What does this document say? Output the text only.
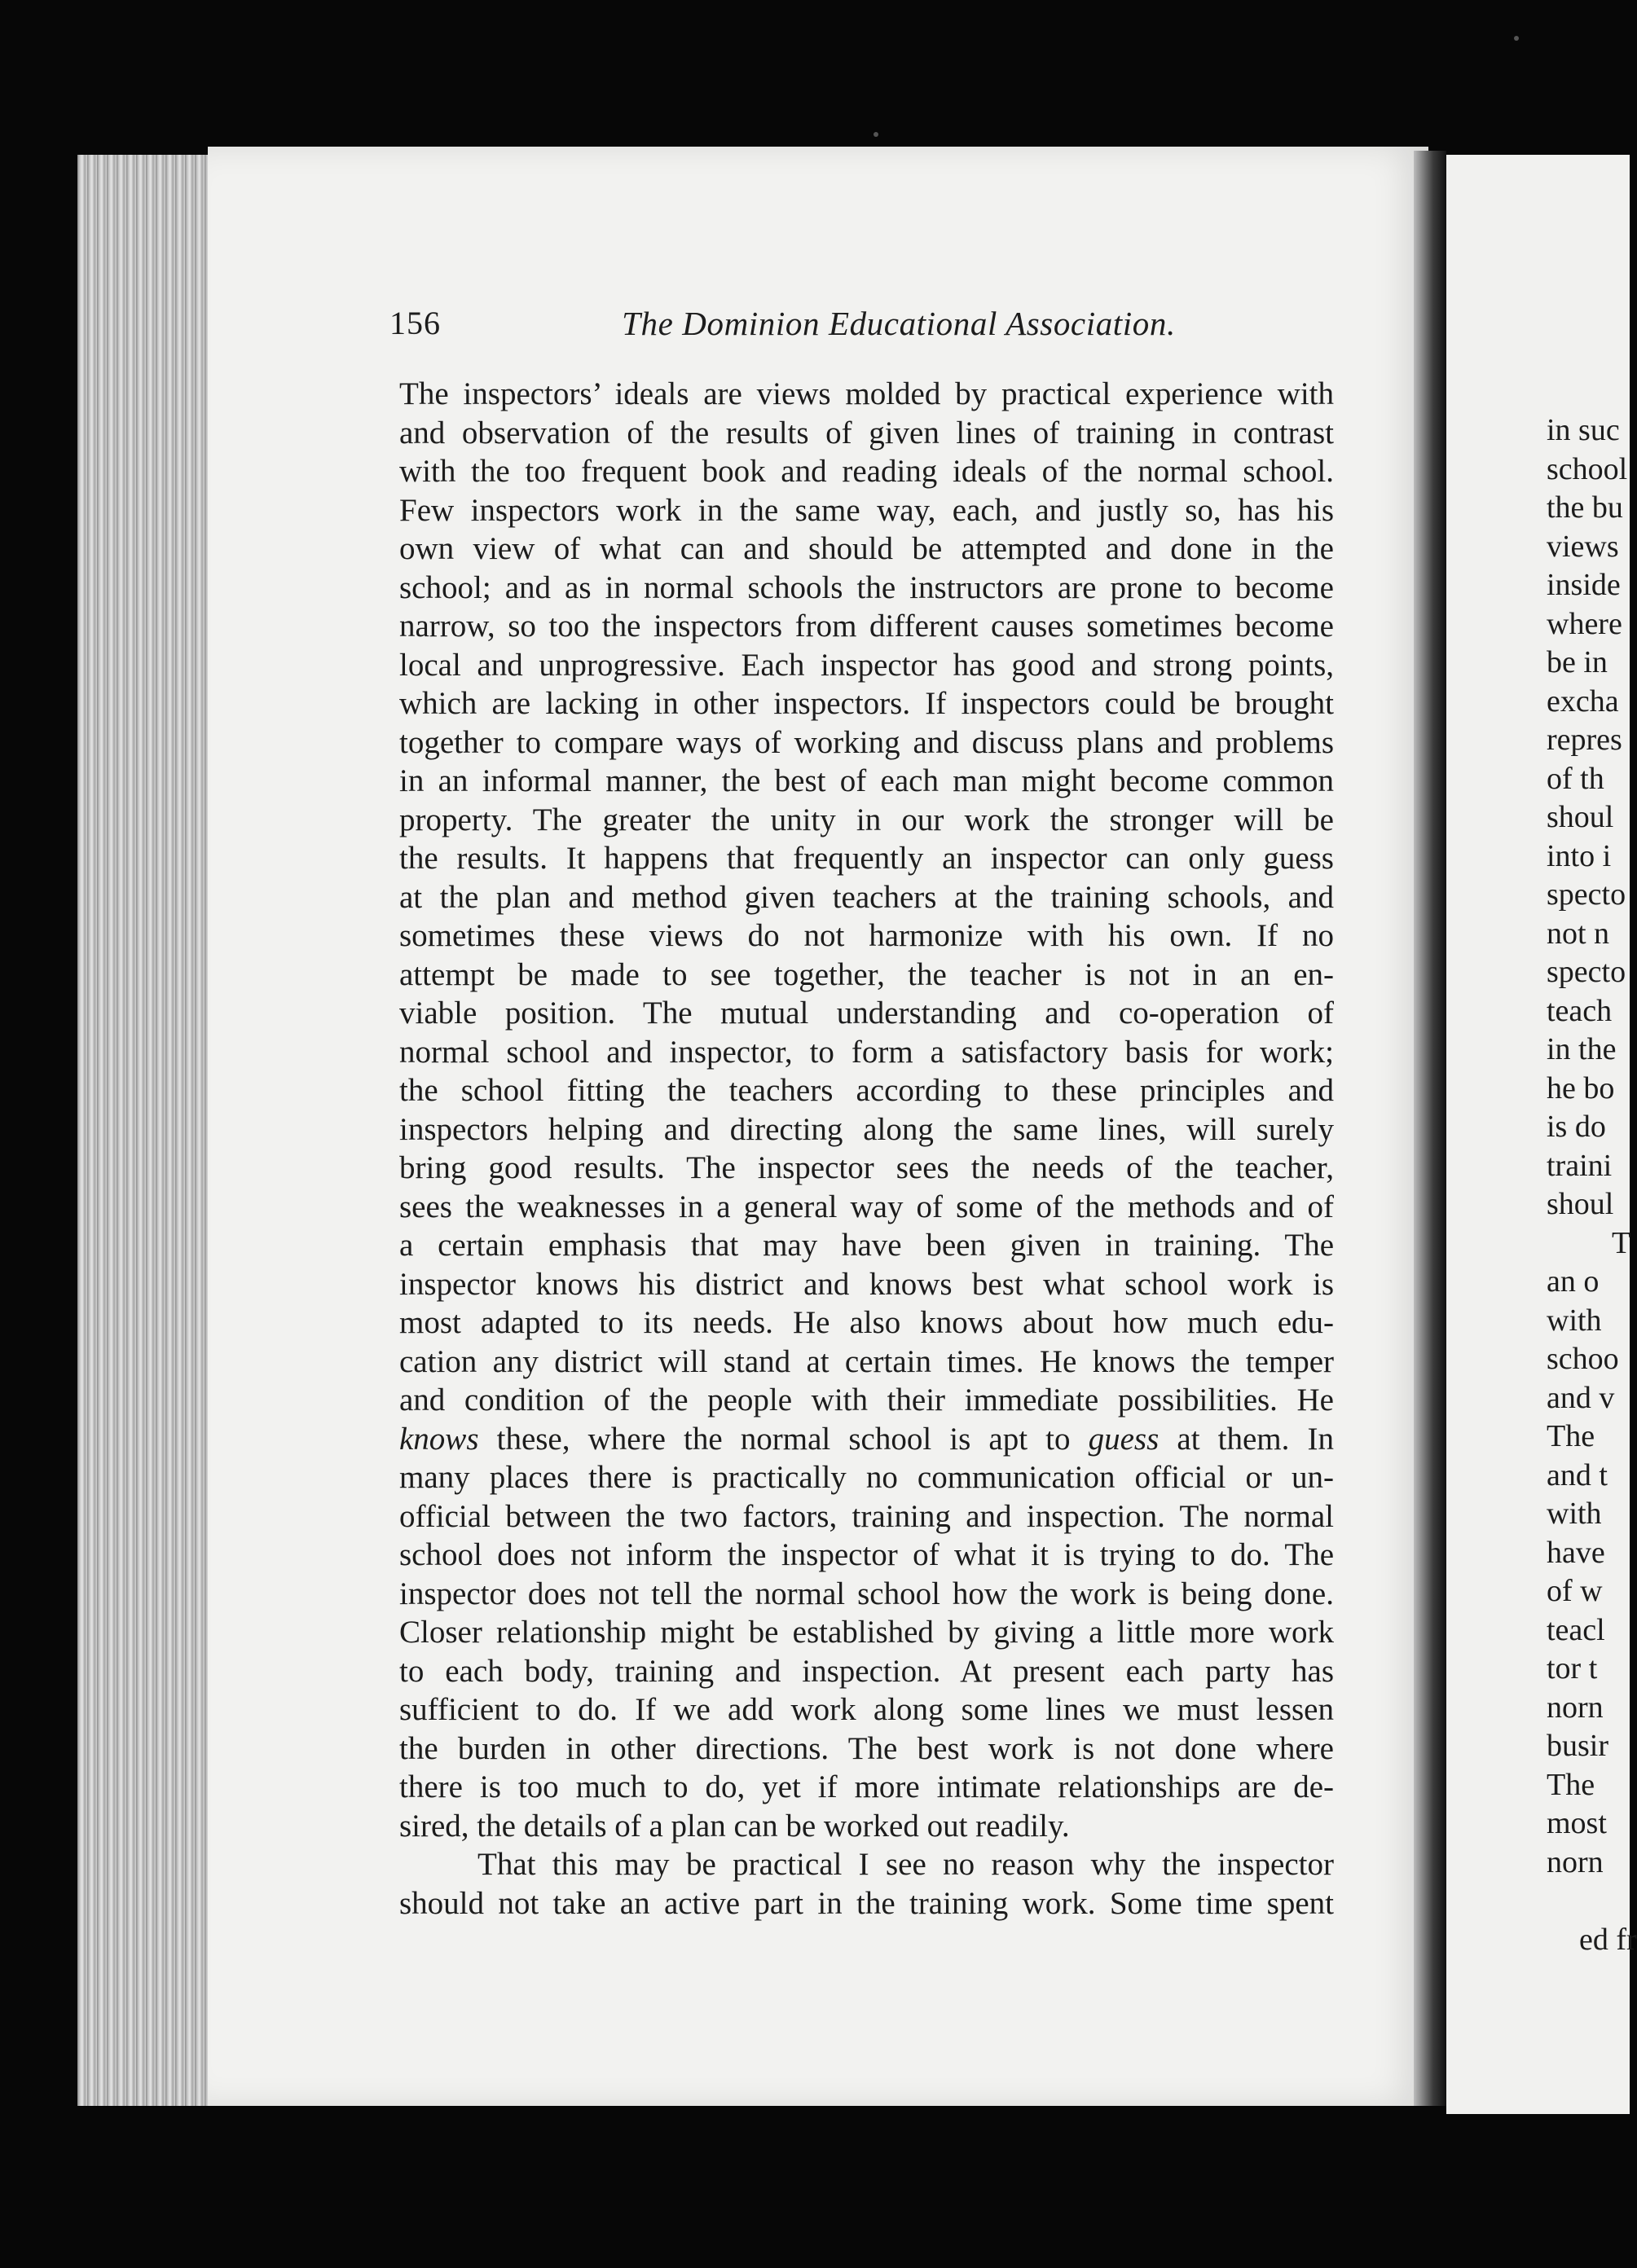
156	The Dominion Educational Association.
The inspectors’ ideals are views molded by practical experience with
and observation of the results of given lines of training in contrast
with the too frequent book and reading ideals of the normal school.
Few inspectors work in the same way, each, and justly so, has his
own view of what can and should be attempted and done in the
school; and as in normal schools the instructors are prone to become
narrow, so too the inspectors from different causes sometimes become
local and unprogressive. Each inspector has good and strong points,
which are lacking in other inspectors. If inspectors could be brought
together to compare ways of working and discuss plans and problems
in an informal manner, the best of each man might become common
property. The greater the unity in our work the stronger will be
the results. It happens that frequently an inspector can only guess
at the plan and method given teachers at the training schools, and
sometimes these views do not harmonize with his own. If no
attempt be made to see together, the teacher is not in an en-
viable position. The mutual understanding and co-operation of
normal school and inspector, to form a satisfactory basis for work;
the school fitting the teachers according to these principles and
inspectors helping and directing along the same lines, will surely
bring good results. The inspector sees the needs of the teacher,
sees the weaknesses in a general way of some of the methods and of
a certain emphasis that may have been given in training. The
inspector knows his district and knows best what school work is
most adapted to its needs. He also knows about how much edu-
cation any district will stand at certain times. He knows the temper
and condition of the people with their immediate possibilities. He
knows these, where the normal school is apt to guess at them. In
many places there is practically no communication official or un-
official between the two factors, training and inspection. The normal
school does not inform the inspector of what it is trying to do. The
inspector does not tell the normal school how the work is being done.
Closer relationship might be established by giving a little more work
to each body, training and inspection. At present each party has
sufficient to do. If we add work along some lines we must lessen
the burden in other directions. The best work is not done where
there is too much to do, yet if more intimate relationships are de-
sired, the details of a plan can be worked out readily.
That this may be practical I see no reason why the inspector
should not take an active part in the training work. Some time spent
in suc
school
the bu
views
inside
where
be in
excha
repres
of th
shoul
into i
specto
not n
specto
teach
in the
he bo
is do
traini
shoul
T
an o
with
schoo
and v
The
and t
with
have
of w
teacl
tor t
norn
busir
The
most
norn
ed fr
